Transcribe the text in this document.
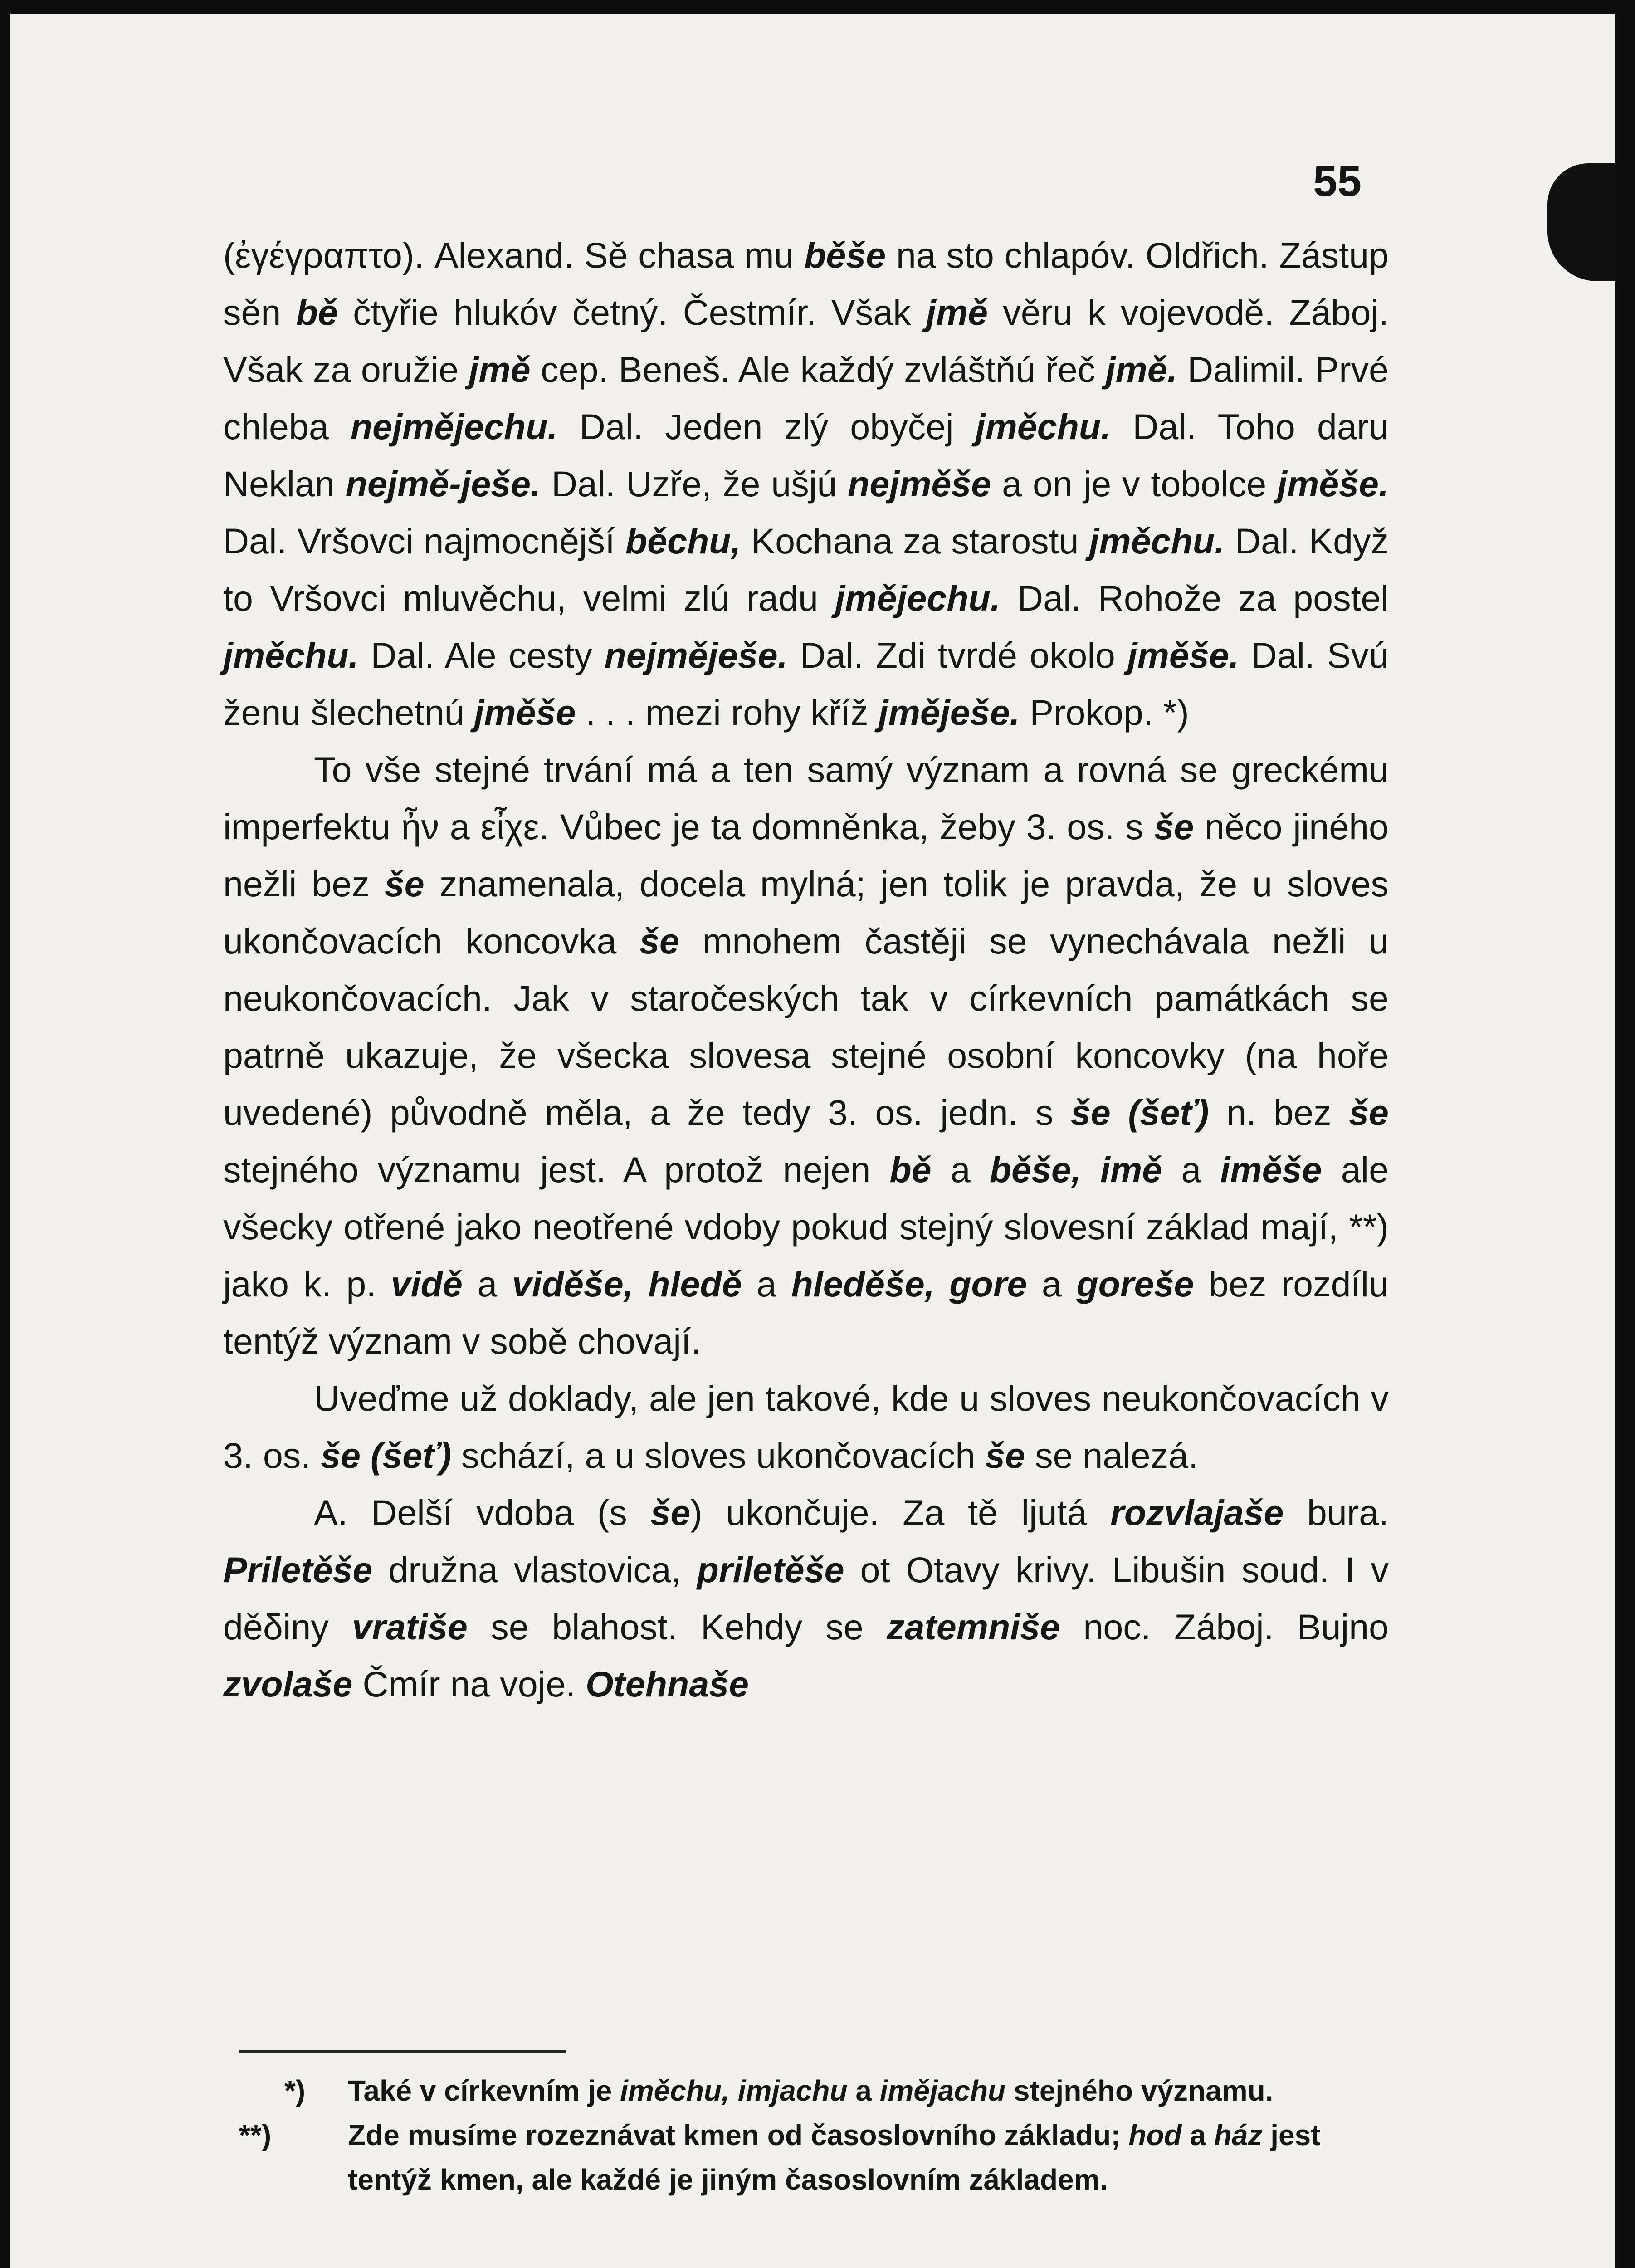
55

(ἐγέγραπτο). Alexand. Sě chasa mu běše na sto chlapóv. Oldřich. Zástup sěn bě čtyřie hlukóv četný. Čestmír. Však jmě věru k vojevodě. Záboj. Však za oružie jmě cep. Beneš. Ale každý zvláštňú řeč jmě. Dalimil. Prvé chleba nejmějechu. Dal. Jeden zlý obyčej jměchu. Dal. Toho daru Neklan nejmě-ješe. Dal. Uzře, že ušjú nejměše a on je v tobolce jměše. Dal. Vršovci najmocnější běchu, Kochana za starostu jměchu. Dal. Když to Vršovci mluvěchu, velmi zlú radu jmějechu. Dal. Rohože za postel jměchu. Dal. Ale cesty nejměješe. Dal. Zdi tvrdé okolo jměše. Dal. Svú ženu šlechetnú jměše . . . mezi rohy kříž jměješe. Prokop. *)

To vše stejné trvání má a ten samý význam a rovná se greckému imperfektu ἦν a εἶχε. Vůbec je ta domněnka, žeby 3. os. s še něco jiného nežli bez še znamenala, docela mylná; jen tolik je pravda, že u sloves ukončovacích koncovka še mnohem častěji se vynechávala nežli u neukončovacích. Jak v staročeských tak v církevních památkách se patrně ukazuje, že všecka slovesa stejné osobní koncovky (na hoře uvedené) původně měla, a že tedy 3. os. jedn. s še (šeť) n. bez še stejného významu jest. A protož nejen bě a běše, imě a iměše ale všecky otřené jako neotřené vdoby pokud stejný slovesní základ mají, **) jako k. p. vidě a viděše, hledě a hleděše, gore a goreše bez rozdílu tentýž význam v sobě chovají.

Uveďme už doklady, ale jen takové, kde u sloves neukončovacích v 3. os. še (šeť) schází, a u sloves ukončovacích še se nalezá.

A. Delší vdoba (s še) ukončuje. Za tě ljutá rozvlajaše bura. Priletěše družna vlastovica, priletěše ot Otavy krivy. Libušin soud. I v děδiny vratiše se blahost. Kehdy se zatemniše noc. Záboj. Bujno zvolaše Čmír na voje. Otehnaše

*) Také v církevním je iměchu, imjachu a imějachu stejného významu.
**)	Zde musíme rozeznávat kmen od časoslovního základu; hod a ház jest tentýž kmen, ale každé je jiným časoslovním základem.
